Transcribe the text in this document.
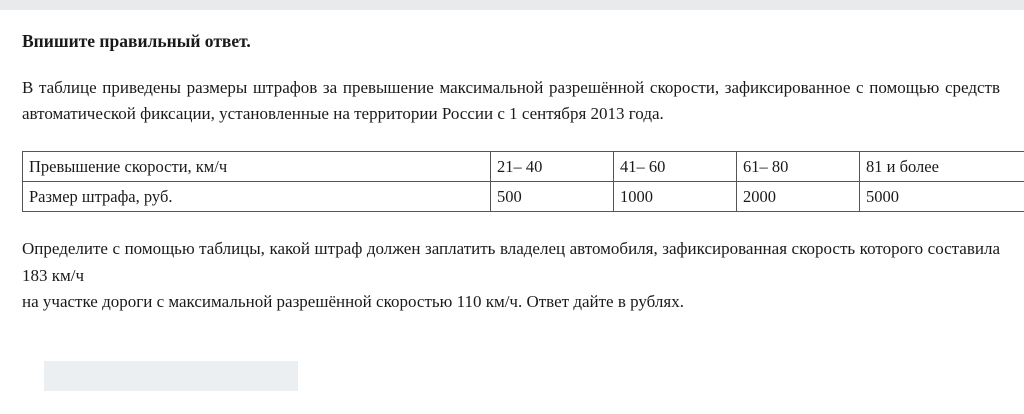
Впишите правильный ответ.
В таблице приведены размеры штрафов за превышение максимальной разрешённой скорости, зафиксированное с помощью средств автоматической фиксации, установленные на территории России с 1 сентября 2013 года.
Превышение скорости, км/ч	21– 40	41– 60	61– 80	81 и более
Размер штрафа, руб.	500	1000	2000	5000
Определите с помощью таблицы, какой штраф должен заплатить владелец автомобиля, зафиксированная скорость которого составила 183 км/ч
на участке дороги с максимальной разрешённой скоростью 110 км/ч. Ответ дайте в рублях.
